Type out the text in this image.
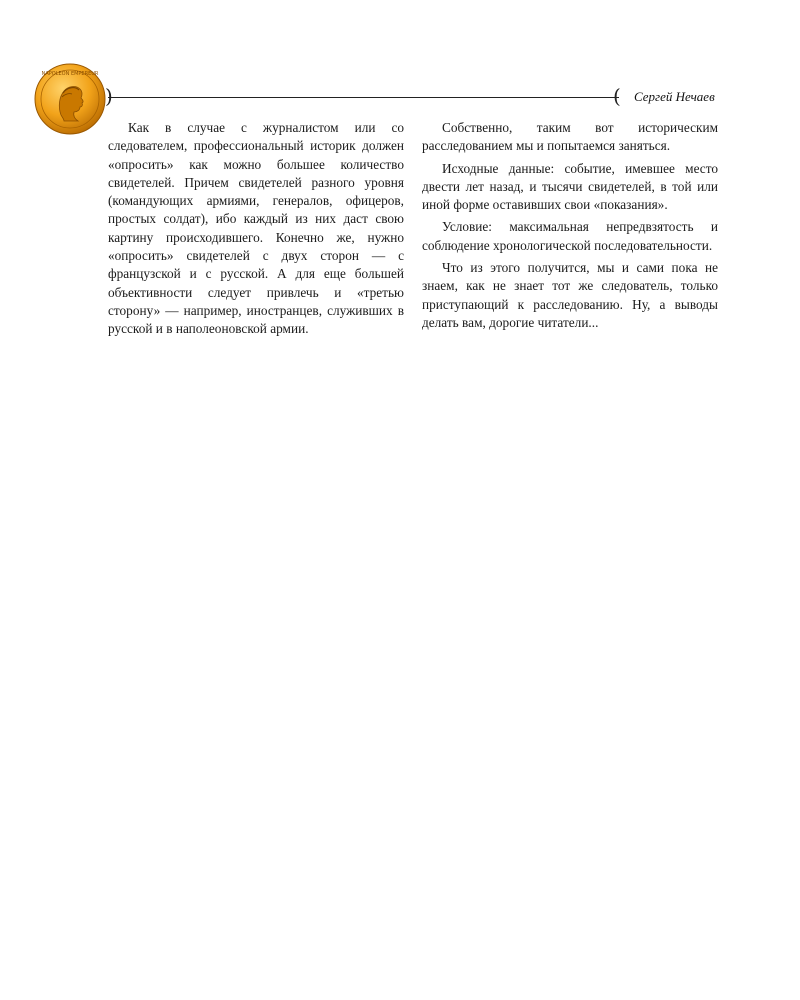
NAPOLEON EMPEREUR
)	( Сергей Нечаев

Как в случае с журналистом или со следователем, профессиональный историк должен «опросить» как можно большее количество свидетелей. Причем свидетелей разного уровня (командующих армиями, генералов, офицеров, простых солдат), ибо каждый из них даст свою картину происходившего. Конечно же, нужно «опросить» свидетелей с двух сторон — с французской и с русской. А для еще большей объективности следует привлечь и «третью сторону» — например, иностранцев, служивших в русской и в наполеоновской армии.

Собственно, таким вот историческим расследованием мы и попытаемся заняться.

Исходные данные: событие, имевшее место двести лет назад, и тысячи свидетелей, в той или иной форме оставивших свои «показания».

Условие: максимальная непредвзятость и соблюдение хронологической последовательности.

Что из этого получится, мы и сами пока не знаем, как не знает тот же следователь, только приступающий к расследованию. Ну, а выводы делать вам, дорогие читатели...
